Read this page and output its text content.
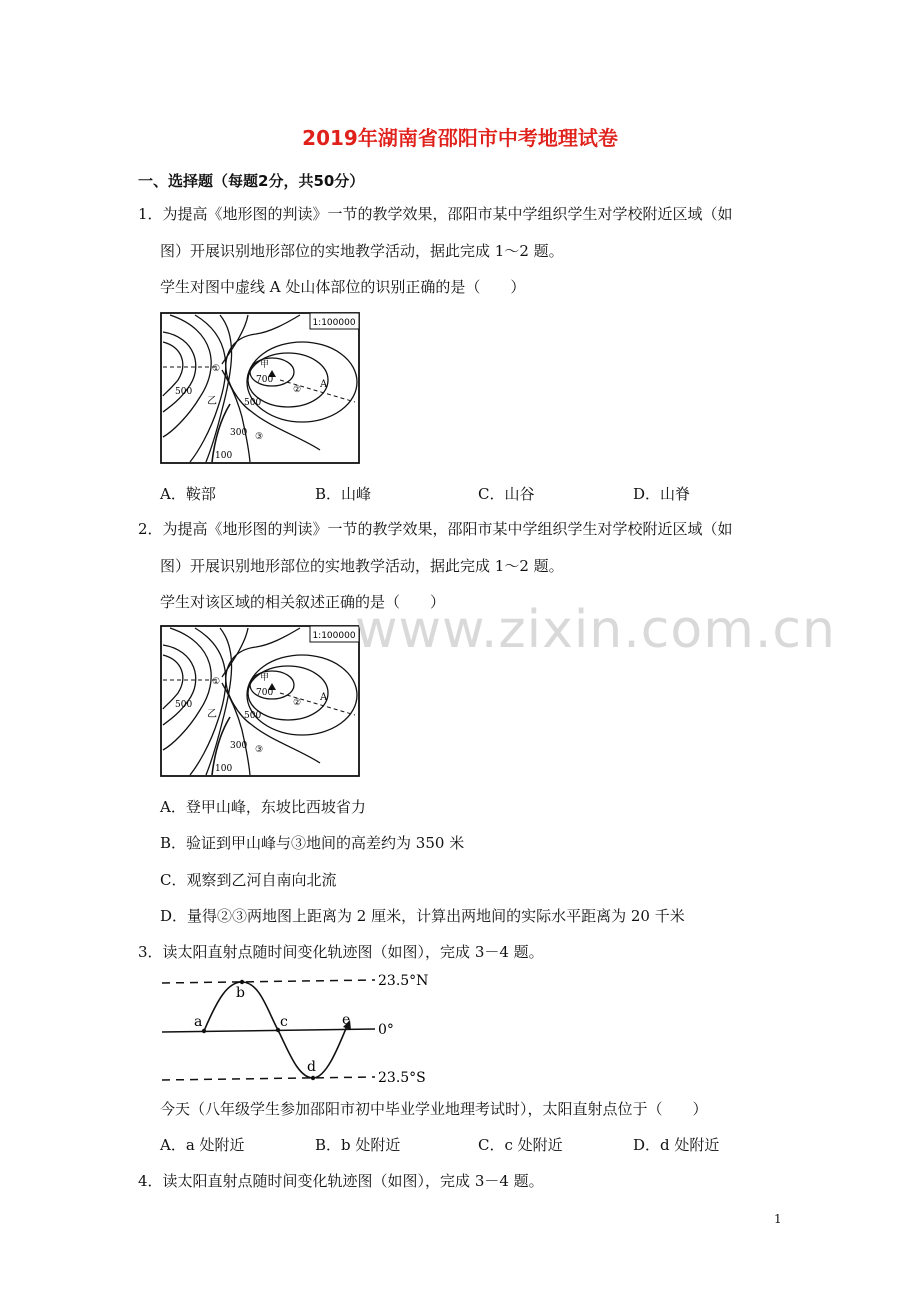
2019年湖南省邵阳市中考地理试卷
一、选择题（每题2分，共50分）
1．为提高《地形图的判读》一节的教学效果，邵阳市某中学组织学生对学校附近区域（如
图）开展识别地形部位的实地教学活动，据此完成 1～2 题。
学生对图中虚线 A 处山体部位的识别正确的是（　　）
1:100000
甲
700
①
②
③
A
500
500
300
100
乙
A．鞍部	B．山峰	C．山谷	D．山脊
2．为提高《地形图的判读》一节的教学效果，邵阳市某中学组织学生对学校附近区域（如
图）开展识别地形部位的实地教学活动，据此完成 1～2 题。
学生对该区域的相关叙述正确的是（　　）
1:100000
甲
700
①
②
③
A
500
500
300
100
乙
www.zixin.com.cn
A．登甲山峰，东坡比西坡省力
B．验证到甲山峰与③地间的高差约为 350 米
C．观察到乙河自南向北流
D．量得②③两地图上距离为 2 厘米，计算出两地间的实际水平距离为 20 千米
3．读太阳直射点随时间变化轨迹图（如图），完成 3－4 题。
a
b
c
d
e
23.5°N
0°
23.5°S
今天（八年级学生参加邵阳市初中毕业学业地理考试时），太阳直射点位于（　　）
A．a 处附近	B．b 处附近	C．c 处附近	D．d 处附近
4．读太阳直射点随时间变化轨迹图（如图），完成 3－4 题。
1
